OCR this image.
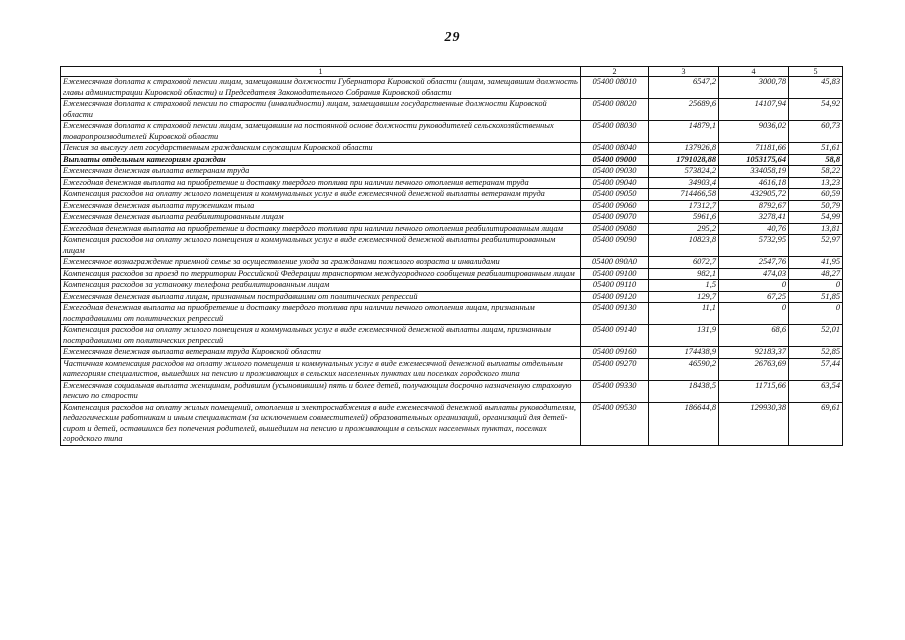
29
1	2	3	4	5
Ежемесячная доплата к страховой пенсии лицам, замещавшим должности Губернатора Кировской области (лицам, замещавшим должность главы администрации Кировской области) и Председателя Законодательного Собрания Кировской области	05400 08010	6547,2	3000,78	45,83
Ежемесячная доплата к страховой пенсии по старости (инвалидности) лицам, замещавшим государственные должности Кировской области	05400 08020	25689,6	14107,94	54,92
Ежемесячная доплата к страховой пенсии лицам, замещавшим на постоянной основе должности руководителей сельскохозяйственных товаропроизводителей Кировской области	05400 08030	14879,1	9036,02	60,73
Пенсия за выслугу лет государственным гражданским служащим Кировской области	05400 08040	137926,8	71181,66	51,61
Выплаты отдельным категориям граждан	05400 09000	1791028,88	1053175,64	58,8
Ежемесячная денежная выплата ветеранам труда	05400 09030	573824,2	334058,19	58,22
Ежегодная денежная выплата на приобретение и доставку твердого топлива при наличии печного отопления ветеранам труда	05400 09040	34903,4	4616,18	13,23
Компенсация расходов на оплату жилого помещения и коммунальных услуг в виде ежемесячной денежной выплаты ветеранам труда	05400 09050	714466,58	432905,72	60,59
Ежемесячная денежная выплата труженикам тыла	05400 09060	17312,7	8792,67	50,79
Ежемесячная денежная выплата реабилитированным лицам	05400 09070	5961,6	3278,41	54,99
Ежегодная денежная выплата на приобретение и доставку твердого топлива при наличии печного отопления реабилитированным лицам	05400 09080	295,2	40,76	13,81
Компенсация расходов на оплату жилого помещения и коммунальных услуг в виде ежемесячной денежной выплаты реабилитированным лицам	05400 09090	10823,8	5732,95	52,97
Ежемесячное вознаграждение приемной семье за осуществление ухода за гражданами пожилого возраста и инвалидами	05400 090А0	6072,7	2547,76	41,95
Компенсация расходов за проезд по территории Российской Федерации транспортом междугородного сообщения реабилитированным лицам	05400 09100	982,1	474,03	48,27
Компенсация расходов за установку телефона реабилитированным лицам	05400 09110	1,5	0	0
Ежемесячная денежная выплата лицам, признанным пострадавшими от политических репрессий	05400 09120	129,7	67,25	51,85
Ежегодная денежная выплата на приобретение и доставку твердого топлива при наличии печного отопления лицам, признанным пострадавшими от политических репрессий	05400 09130	11,1	0	0
Компенсация расходов на оплату жилого помещения и коммунальных услуг в виде ежемесячной денежной выплаты лицам, признанным пострадавшими от политических репрессий	05400 09140	131,9	68,6	52,01
Ежемесячная денежная выплата ветеранам труда Кировской области	05400 09160	174438,9	92183,37	52,85
Частичная компенсация расходов на оплату жилого помещения и коммунальных услуг в виде ежемесячной денежной выплаты отдельным категориям специалистов, вышедших на пенсию и проживающих в сельских населенных пунктах или поселках городского типа	05400 09270	46590,2	26763,69	57,44
Ежемесячная социальная выплата женщинам, родившим (усыновившим) пять и более детей, получающим досрочно назначенную страховую пенсию по старости	05400 09330	18438,5	11715,66	63,54
Компенсация расходов на оплату жилых помещений, отопления и электроснабжения в виде ежемесячной денежной выплаты руководителям, педагогическим работникам и иным специалистам (за исключением совместителей) образовательных организаций, организаций для детей-сирот и детей, оставшихся без попечения родителей, вышедшим на пенсию и проживающим в сельских населенных пунктах, поселках городского типа	05400 09530	186644,8	129930,38	69,61
